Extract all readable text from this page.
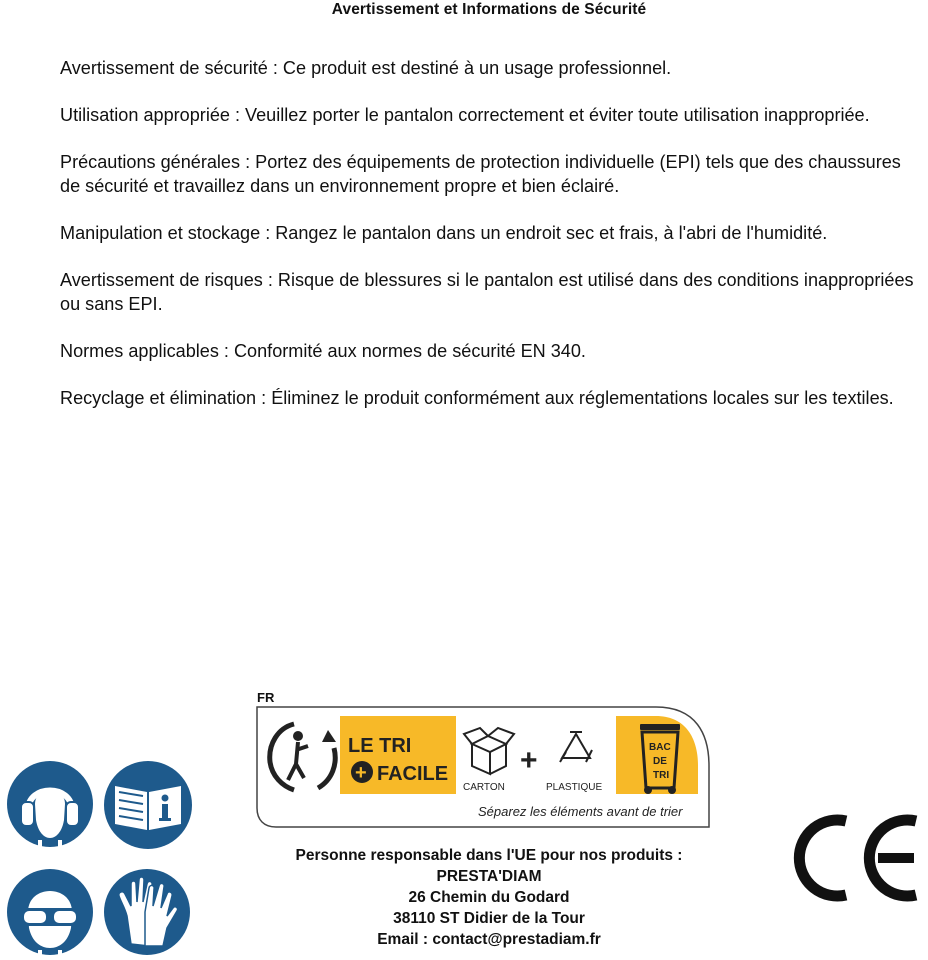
Avertissement et Informations de Sécurité

Avertissement de sécurité : Ce produit est destiné à un usage professionnel.

Utilisation appropriée : Veuillez porter le pantalon correctement et éviter toute utilisation inappropriée.

Précautions générales : Portez des équipements de protection individuelle (EPI) tels que des chaussures de sécurité et travaillez dans un environnement propre et bien éclairé.

Manipulation et stockage : Rangez le pantalon dans un endroit sec et frais, à l'abri de l'humidité.

Avertissement de risques : Risque de blessures si le pantalon est utilisé dans des conditions inappropriées ou sans EPI.

Normes applicables : Conformité aux normes de sécurité EN 340.

Recyclage et élimination : Éliminez le produit conformément aux réglementations locales sur les textiles.

FR
LE TRI
+ FACILE
CARTON
+
PLASTIQUE
BAC
DE
TRI
Séparez les éléments avant de trier
Personne responsable dans l'UE pour nos produits :
PRESTA'DIAM
26 Chemin du Godard
38110 ST Didier de la Tour
Email : contact@prestadiam.fr
